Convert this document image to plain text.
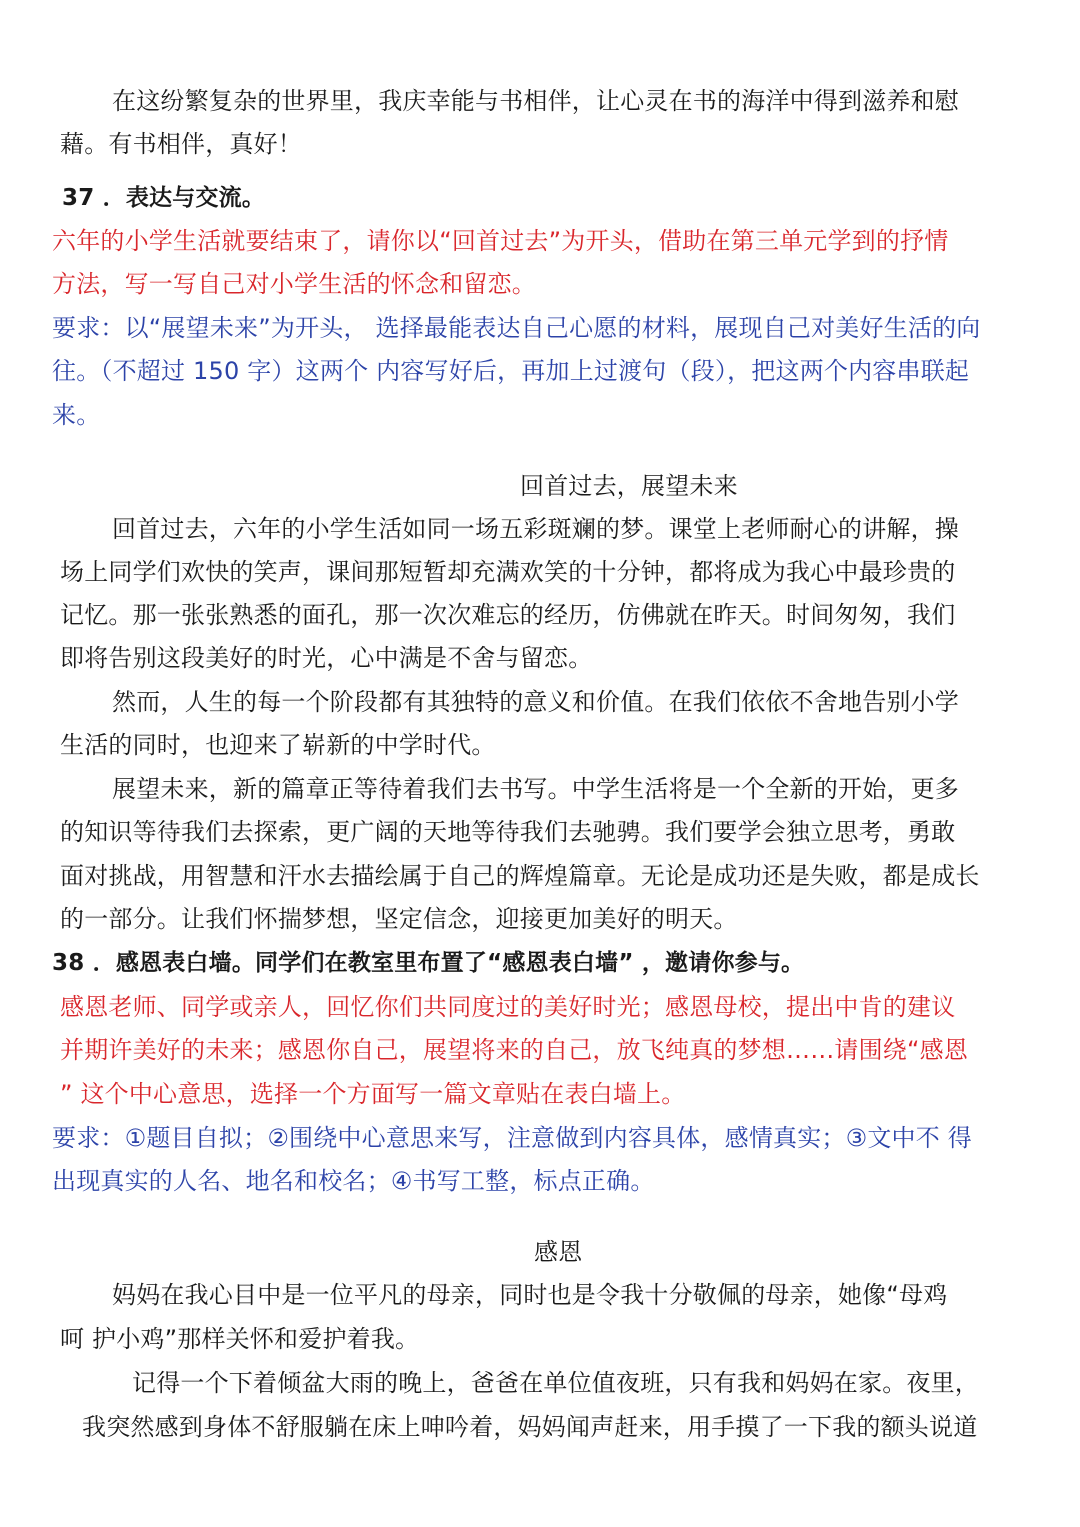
在这纷繁复杂的世界里，我庆幸能与书相伴，让心灵在书的海洋中得到滋养和慰
藉。有书相伴，真好！
37 ．表达与交流。
六年的小学生活就要结束了，请你以“回首过去”为开头，借助在第三单元学到的抒情
方法，写一写自己对小学生活的怀念和留恋。
要求：以“展望未来”为开头， 选择最能表达自己心愿的材料，展现自己对美好生活的向
往。（不超过 150 字）这两个 内容写好后，再加上过渡句（段），把这两个内容串联起
来。
回首过去，展望未来
回首过去，六年的小学生活如同一场五彩斑斓的梦。课堂上老师耐心的讲解，操
场上同学们欢快的笑声，课间那短暂却充满欢笑的十分钟，都将成为我心中最珍贵的
记忆。那一张张熟悉的面孔，那一次次难忘的经历，仿佛就在昨天。时间匆匆，我们
即将告别这段美好的时光，心中满是不舍与留恋。
然而，人生的每一个阶段都有其独特的意义和价值。在我们依依不舍地告别小学
生活的同时，也迎来了崭新的中学时代。
展望未来，新的篇章正等待着我们去书写。中学生活将是一个全新的开始，更多
的知识等待我们去探索，更广阔的天地等待我们去驰骋。我们要学会独立思考，勇敢
面对挑战，用智慧和汗水去描绘属于自己的辉煌篇章。无论是成功还是失败，都是成长
的一部分。让我们怀揣梦想，坚定信念，迎接更加美好的明天。
38 ．感恩表白墙。同学们在教室里布置了“感恩表白墙” ，邀请你参与。
感恩老师、同学或亲人，回忆你们共同度过的美好时光；感恩母校，提出中肯的建议
并期许美好的未来；感恩你自己，展望将来的自己，放飞纯真的梦想……请围绕“感恩
” 这个中心意思，选择一个方面写一篇文章贴在表白墙上。
要求：①题目自拟；②围绕中心意思来写，注意做到内容具体，感情真实；③文中不 得
出现真实的人名、地名和校名；④书写工整，标点正确。
感恩
妈妈在我心目中是一位平凡的母亲，同时也是令我十分敬佩的母亲，她像“母鸡
呵 护小鸡”那样关怀和爱护着我。
记得一个下着倾盆大雨的晚上，爸爸在单位值夜班，只有我和妈妈在家。夜里，
我突然感到身体不舒服躺在床上呻吟着，妈妈闻声赶来，用手摸了一下我的额头说道
